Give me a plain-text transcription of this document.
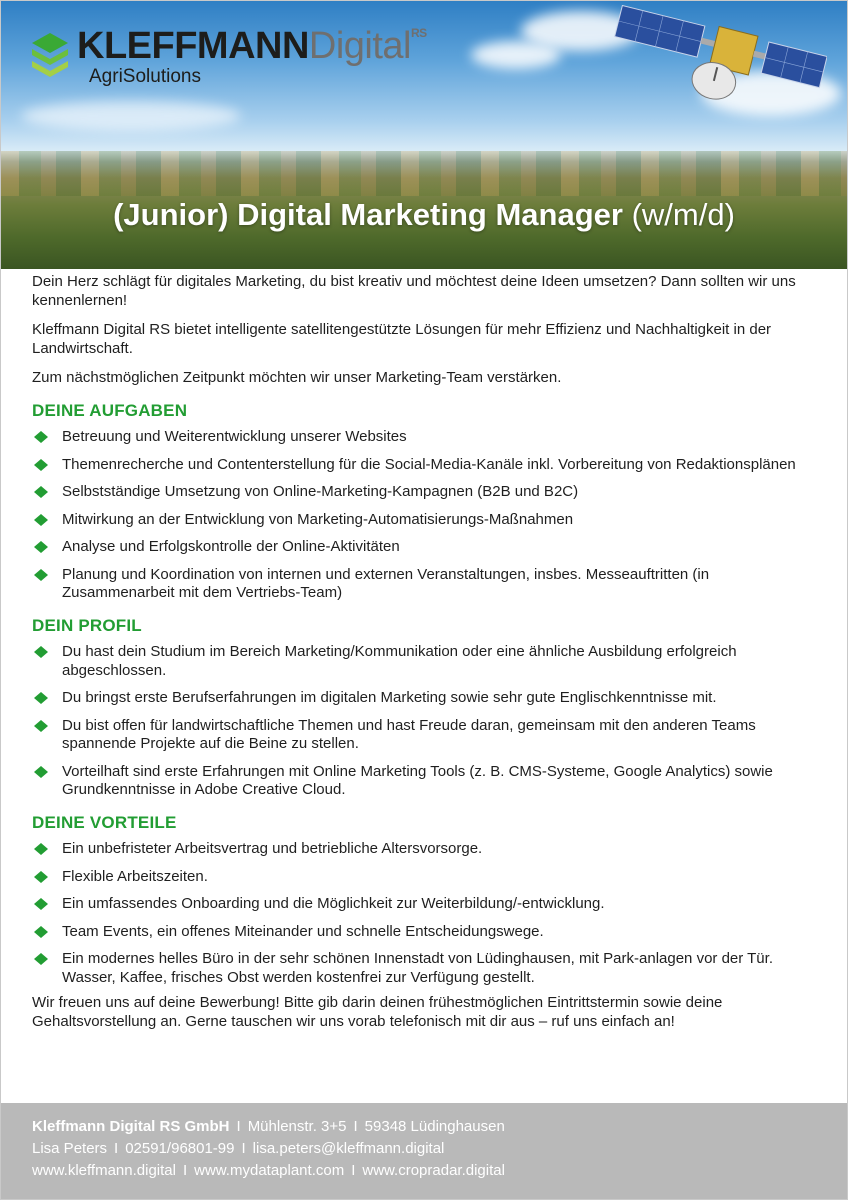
KLEFFMANNDigital$^{RS}$
AgriSolutions
(Junior) Digital Marketing Manager (w/m/d)

Dein Herz schlägt für digitales Marketing, du bist kreativ und möchtest deine Ideen umsetzen? Dann sollten wir uns kennenlernen!

Kleffmann Digital RS bietet intelligente satellitengestützte Lösungen für mehr Effizienz und Nachhaltigkeit in der Landwirtschaft.

Zum nächstmöglichen Zeitpunkt möchten wir unser Marketing-Team verstärken.

DEINE AUFGABEN
Betreuung und Weiterentwicklung unserer Websites
Themenrecherche und Contenterstellung für die Social-Media-Kanäle inkl. Vorbereitung von Redaktionsplänen
Selbstständige Umsetzung von Online-Marketing-Kampagnen (B2B und B2C)
Mitwirkung an der Entwicklung von Marketing-Automatisierungs-Maßnahmen
Analyse und Erfolgskontrolle der Online-Aktivitäten
Planung und Koordination von internen und externen Veranstaltungen, insbes. Messeauftritten (in Zusammenarbeit mit dem Vertriebs-Team)
DEIN PROFIL
Du hast dein Studium im Bereich Marketing/Kommunikation oder eine ähnliche Ausbildung erfolgreich abgeschlossen.
Du bringst erste Berufserfahrungen im digitalen Marketing sowie sehr gute Englischkenntnisse mit.
Du bist offen für landwirtschaftliche Themen und hast Freude daran, gemeinsam mit den anderen Teams spannende Projekte auf die Beine zu stellen.
Vorteilhaft sind erste Erfahrungen mit Online Marketing Tools (z. B. CMS-Systeme, Google Analytics) sowie Grundkenntnisse in Adobe Creative Cloud.
DEINE VORTEILE
Ein unbefristeter Arbeitsvertrag und betriebliche Altersvorsorge.
Flexible Arbeitszeiten.
Ein umfassendes Onboarding und die Möglichkeit zur Weiterbildung/-entwicklung.
Team Events, ein offenes Miteinander und schnelle Entscheidungswege.
Ein modernes helles Büro in der sehr schönen Innenstadt von Lüdinghausen, mit Park-anlagen vor der Tür. Wasser, Kaffee, frisches Obst werden kostenfrei zur Verfügung gestellt.

Wir freuen uns auf deine Bewerbung! Bitte gib darin deinen frühestmöglichen Eintrittstermin sowie deine Gehaltsvorstellung an. Gerne tauschen wir uns vorab telefonisch mit dir aus – ruf uns einfach an!

Kleffmann Digital RS GmbH I Mühlenstr. 3+5 I 59348 Lüdinghausen
Lisa Peters I 02591/96801-99 I lisa.peters@kleffmann.digital
www.kleffmann.digital I www.mydataplant.com I www.cropradar.digital
